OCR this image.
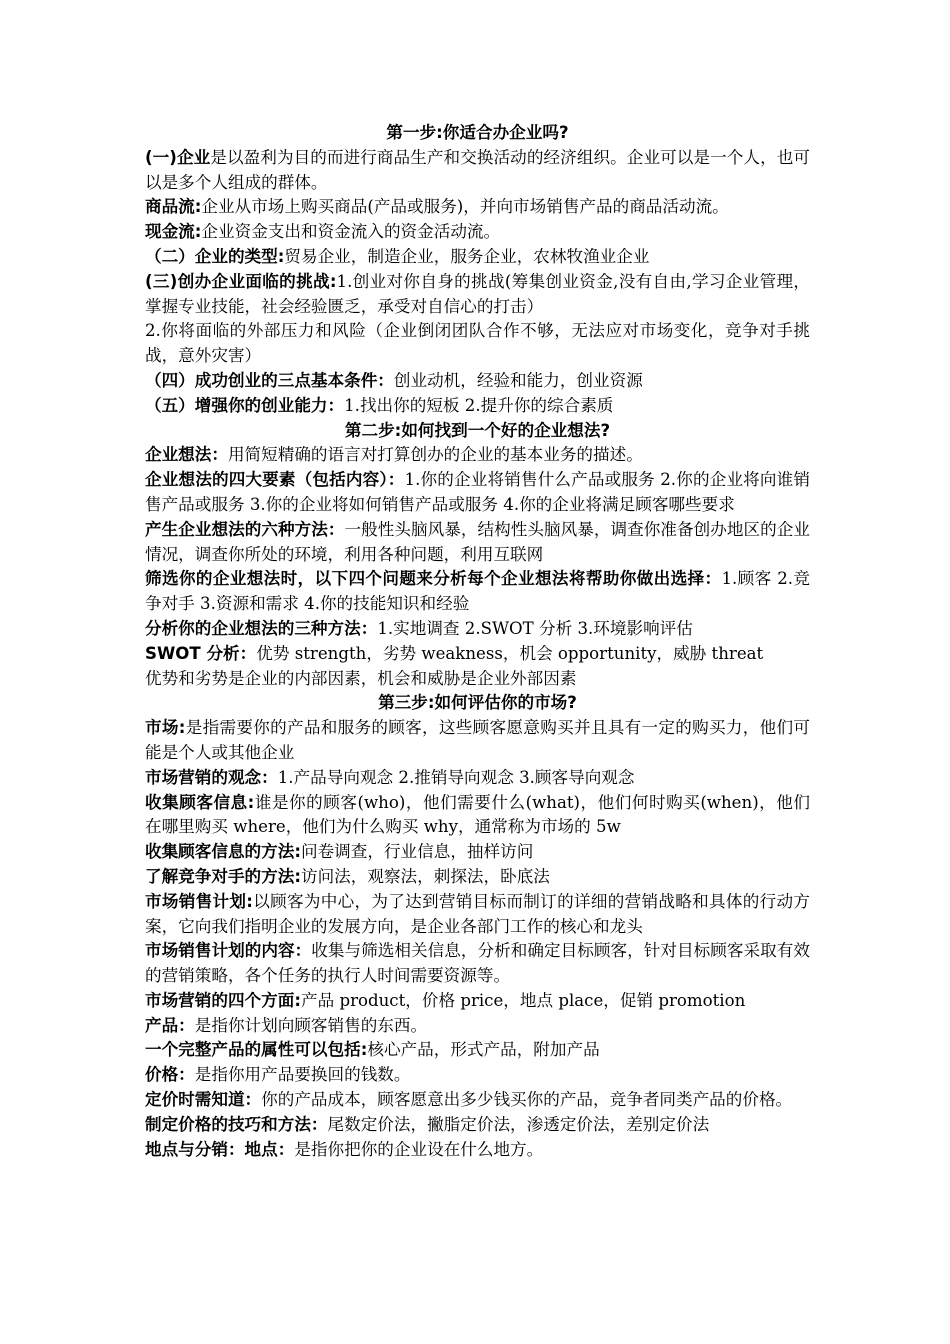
第一步:你适合办企业吗?

(一)企业是以盈利为目的而进行商品生产和交换活动的经济组织。企业可以是一个人，也可以是多个人组成的群体。

商品流:企业从市场上购买商品(产品或服务)，并向市场销售产品的商品活动流。

现金流:企业资金支出和资金流入的资金活动流。

（二）企业的类型:贸易企业，制造企业，服务企业，农林牧渔业企业

(三)创办企业面临的挑战:1.创业对你自身的挑战(筹集创业资金,没有自由,学习企业管理，掌握专业技能，社会经验匮乏，承受对自信心的打击）

2.你将面临的外部压力和风险（企业倒闭团队合作不够，无法应对市场变化，竞争对手挑战，意外灾害）

（四）成功创业的三点基本条件：创业动机，经验和能力，创业资源

（五）增强你的创业能力：1.找出你的短板 2.提升你的综合素质

第二步:如何找到一个好的企业想法?

企业想法：用简短精确的语言对打算创办的企业的基本业务的描述。

企业想法的四大要素（包括内容）：1.你的企业将销售什么产品或服务 2.你的企业将向谁销售产品或服务 3.你的企业将如何销售产品或服务 4.你的企业将满足顾客哪些要求

产生企业想法的六种方法：一般性头脑风暴，结构性头脑风暴，调查你准备创办地区的企业情况，调查你所处的环境，利用各种问题，利用互联网

筛选你的企业想法时，以下四个问题来分析每个企业想法将帮助你做出选择：1.顾客 2.竞争对手 3.资源和需求 4.你的技能知识和经验

分析你的企业想法的三种方法：1.实地调查 2.SWOT 分析 3.环境影响评估

SWOT 分析：优势 strength，劣势 weakness，机会 opportunity，威胁 threat

优势和劣势是企业的内部因素，机会和威胁是企业外部因素

第三步:如何评估你的市场?

市场:是指需要你的产品和服务的顾客，这些顾客愿意购买并且具有一定的购买力，他们可能是个人或其他企业

市场营销的观念：1.产品导向观念 2.推销导向观念 3.顾客导向观念

收集顾客信息:谁是你的顾客(who)，他们需要什么(what)，他们何时购买(when)，他们在哪里购买 where，他们为什么购买 why，通常称为市场的 5w

收集顾客信息的方法:问卷调查，行业信息，抽样访问

了解竞争对手的方法:访问法，观察法，刺探法，卧底法

市场销售计划:以顾客为中心，为了达到营销目标而制订的详细的营销战略和具体的行动方案，它向我们指明企业的发展方向，是企业各部门工作的核心和龙头

市场销售计划的内容：收集与筛选相关信息，分析和确定目标顾客，针对目标顾客采取有效的营销策略，各个任务的执行人时间需要资源等。

市场营销的四个方面:产品 product，价格 price，地点 place，促销 promotion

产品：是指你计划向顾客销售的东西。

一个完整产品的属性可以包括:核心产品，形式产品，附加产品

价格：是指你用产品要换回的钱数。

定价时需知道：你的产品成本，顾客愿意出多少钱买你的产品，竞争者同类产品的价格。

制定价格的技巧和方法：尾数定价法，撇脂定价法，渗透定价法，差别定价法

地点与分销：地点：是指你把你的企业设在什么地方。
